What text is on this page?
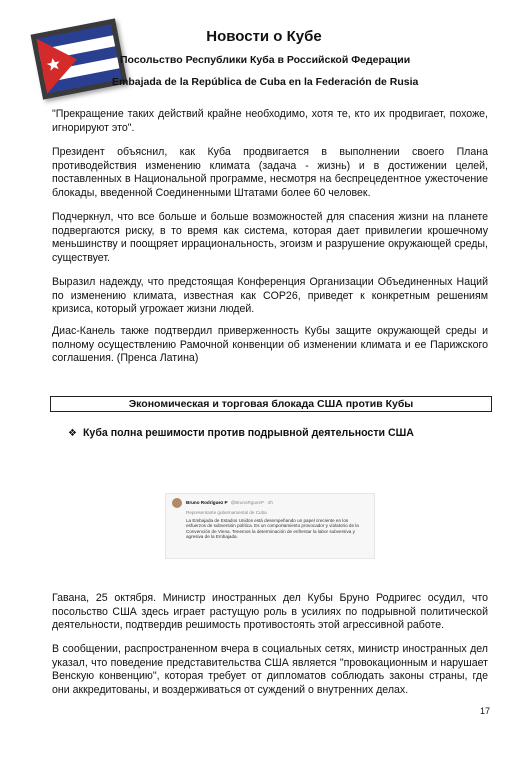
Новости о Кубе
Посольство Республики Куба в Российской Федерации
Embajada de la República de Cuba en la Federación de Rusia

"Прекращение таких действий крайне необходимо, хотя те, кто их продвигает, похоже, игнорируют это".

Президент объяснил, как Куба продвигается в выполнении своего Плана противодействия изменению климата (задача - жизнь) и в достижении целей, поставленных в Национальной программе, несмотря на беспрецедентное ужесточение блокады, введенной Соединенными Штатами более 60 человек.

Подчеркнул, что все больше и больше возможностей для спасения жизни на планете подвергаются риску, в то время как система, которая дает привилегии крошечному меньшинству и поощряет иррациональность, эгоизм и разрушение окружающей среды, существует.

Выразил надежду, что предстоящая Конференция Организации Объединенных Наций по изменению климата, известная как COP26, приведет к конкретным решениям кризиса, который угрожает жизни людей.

Диас-Канель также подтвердил приверженность Кубы защите окружающей среды и полному осуществлению Рамочной конвенции об изменении климата и ее Парижского соглашения. (Пренса Латина)

Экономическая и торговая блокада США против Кубы
❖ Куба полна решимости против подрывной деятельности США
Bruno Rodríguez P @BrunoRguezP · 2h
Representante gubernamental de Cuba
La Embajada de Estados Unidos está desempeñando un papel creciente en los esfuerzos de subversión política. Es un comportamiento provocador y violatorio de la Convención de Viena. Tenemos la determinación de enfrentar la labor subversiva y agresiva de la Embajada.

Гавана, 25 октября. Министр иностранных дел Кубы Бруно Родригес осудил, что посольство США здесь играет растущую роль в усилиях по подрывной политической деятельности, подтвердив решимость противостоять этой агрессивной работе.

В сообщении, распространенном вчера в социальных сетях, министр иностранных дел указал, что поведение представительства США является "провокационным и нарушает Венскую конвенцию", которая требует от дипломатов соблюдать законы страны, где они аккредитованы, и воздерживаться от суждений о внутренних делах.

17
